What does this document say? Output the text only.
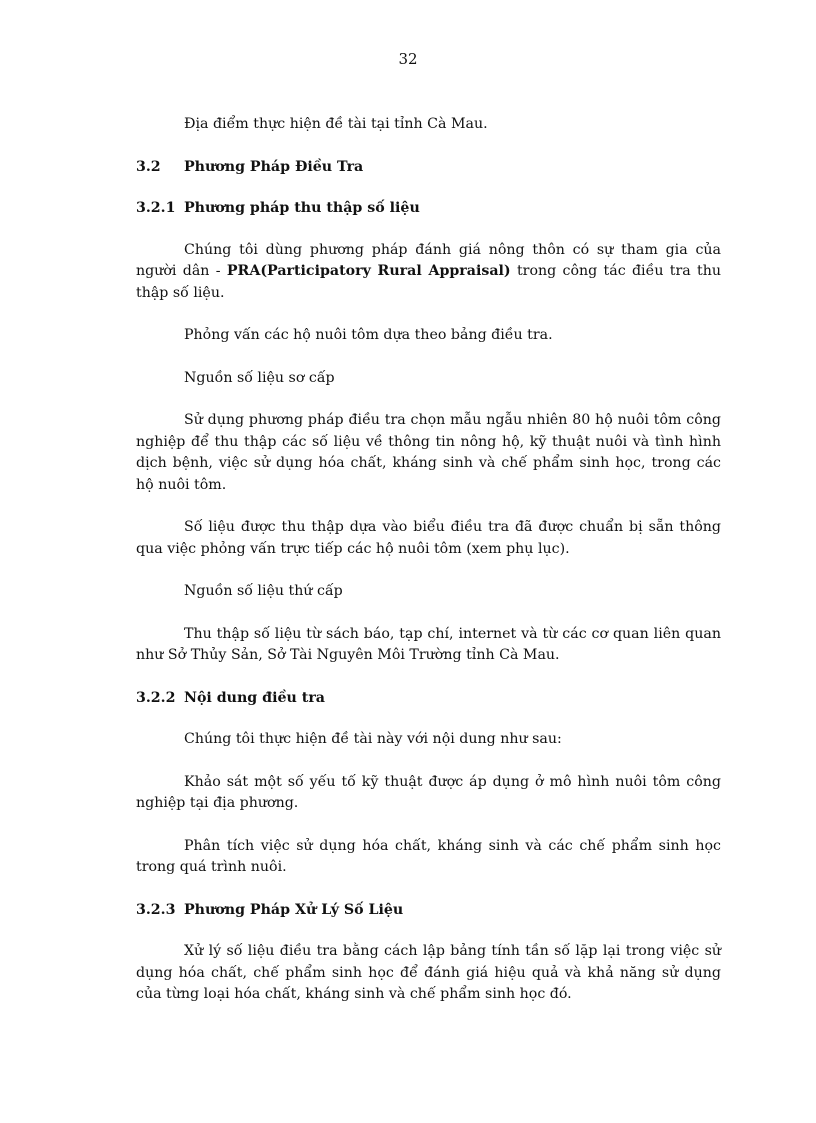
32

Địa điểm thực hiện đề tài tại tỉnh Cà Mau.

3.2	Phương Pháp Điều Tra
3.2.1 Phương pháp thu thập số liệu

Chúng tôi dùng phương pháp đánh giá nông thôn có sự tham gia của người dân - PRA(Participatory Rural Appraisal) trong công tác điều tra thu thập số liệu.

Phỏng vấn các hộ nuôi tôm dựa theo bảng điều tra.

Nguồn số liệu sơ cấp

Sử dụng phương pháp điều tra chọn mẫu ngẫu nhiên 80 hộ nuôi tôm công nghiệp để thu thập các số liệu về thông tin nông hộ, kỹ thuật nuôi và tình hình dịch bệnh, việc sử dụng hóa chất, kháng sinh và chế phẩm sinh học, trong các hộ nuôi tôm.

Số liệu được thu thập dựa vào biểu điều tra đã được chuẩn bị sẵn thông qua việc phỏng vấn trực tiếp các hộ nuôi tôm (xem phụ lục).

Nguồn số liệu thứ cấp

Thu thập số liệu từ sách báo, tạp chí, internet và từ các cơ quan liên quan như Sở Thủy Sản, Sở Tài Nguyên Môi Trường tỉnh Cà Mau.

3.2.2 Nội dung điều tra

Chúng tôi thực hiện đề tài này với nội dung như sau:

Khảo sát một số yếu tố kỹ thuật được áp dụng ở mô hình nuôi tôm công nghiệp tại địa phương.

Phân tích việc sử dụng hóa chất, kháng sinh và các chế phẩm sinh học trong quá trình nuôi.

3.2.3 Phương Pháp Xử Lý Số Liệu

Xử lý số liệu điều tra bằng cách lập bảng tính tần số lặp lại trong việc sử dụng hóa chất, chế phẩm sinh học để đánh giá hiệu quả và khả năng sử dụng của từng loại hóa chất, kháng sinh và chế phẩm sinh học đó.
